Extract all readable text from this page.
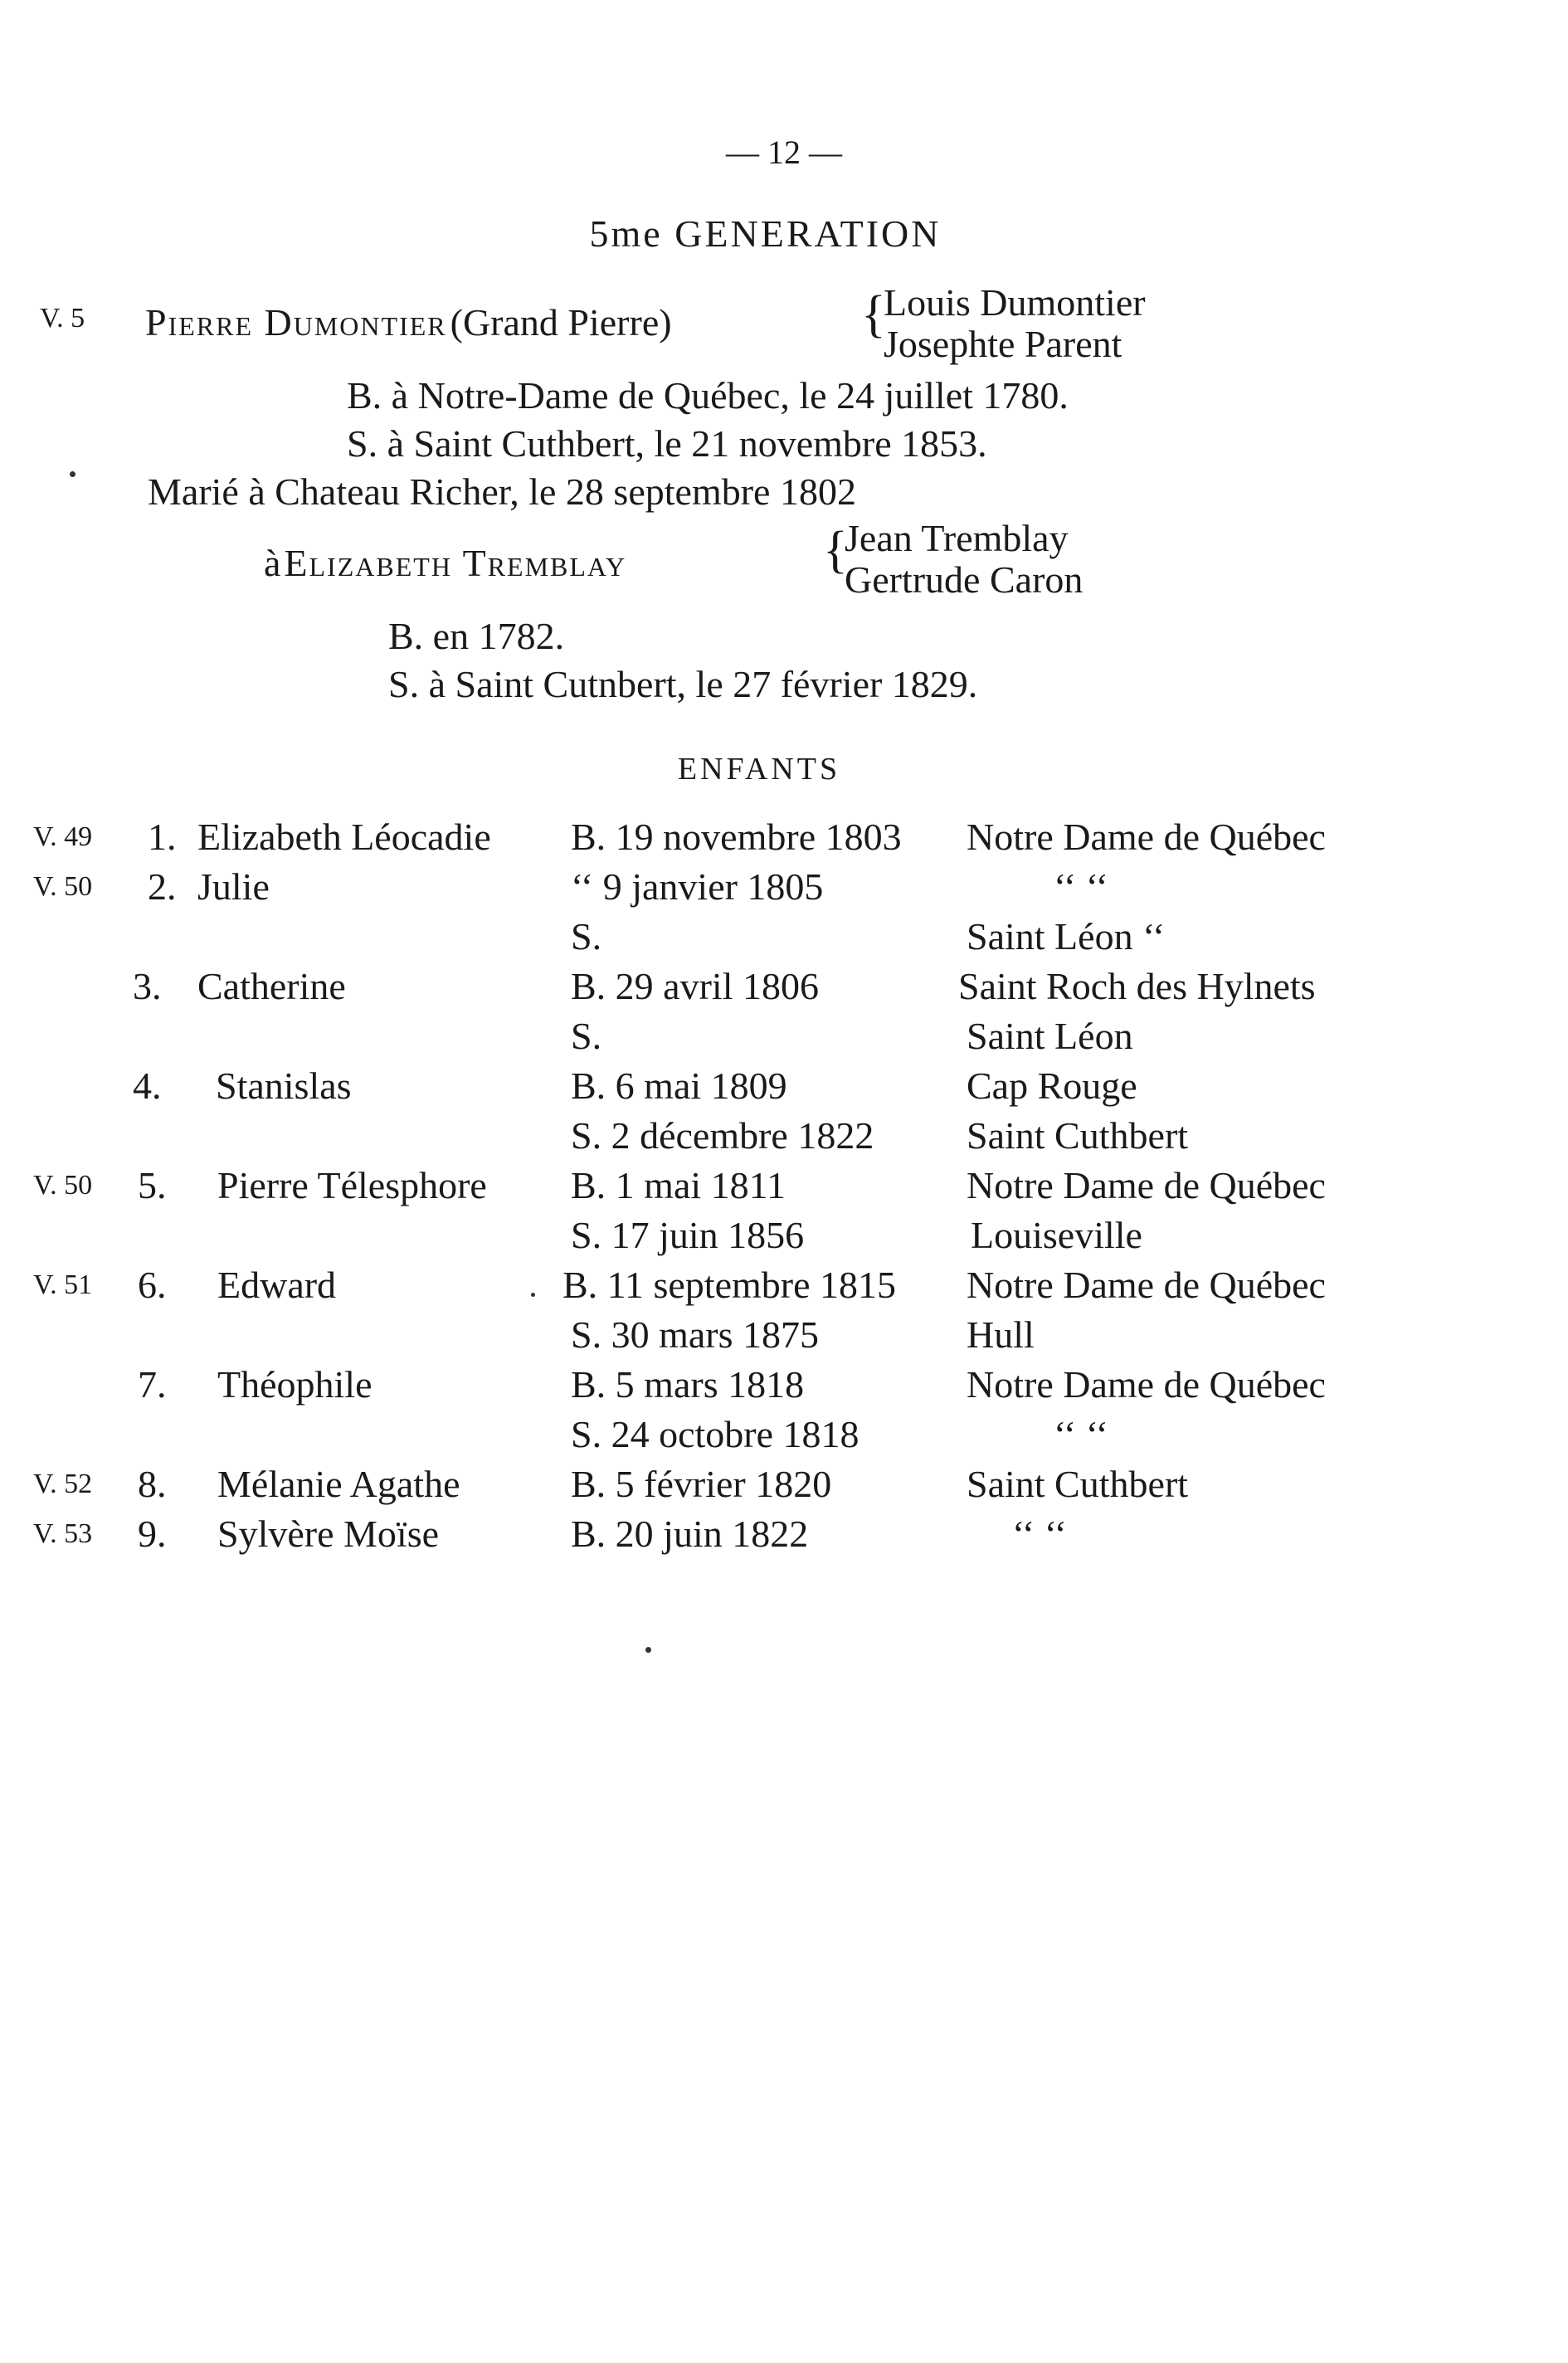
— 12 —
5me GENERATION
V. 5 Pierre Dumontier (Grand Pierre)	{
Louis Dumontier
Josephte Parent
B. à Notre-Dame de Québec, le 24 juillet 1780.
S. à Saint Cuthbert, le 21 novembre 1853.
Marié à Chateau Richer, le 28 septembre 1802
à Elizabeth Tremblay	{
Jean Tremblay
Gertrude Caron
B. en 1782.
S. à Saint Cutnbert, le 27 février 1829.
ENFANTS
V. 49 1. Elizabeth Léocadie B. 19 novembre 1803 Notre Dame de Québec
V. 50 2. Julie	‘‘ 9 janvier 1805	‘‘ ‘‘
S.	Saint Léon ‘‘
3. Catherine	B. 29 avril 1806	Saint Roch des Hylnets
S.	Saint Léon
4. Stanislas	B. 6 mai 1809	Cap Rouge
S. 2 décembre 1822 Saint Cuthbert
V. 50 5. Pierre Télesphore B. 1 mai 1811	Notre Dame de Québec
S. 17 juin 1856	Louiseville
V. 51 6. Edward	B. 11 septembre 1815 Notre Dame de Québec
S. 30 mars 1875	Hull
7. Théophile	B. 5 mars 1818	Notre Dame de Québec
S. 24 octobre 1818	‘‘ ‘‘
V. 52 8. Mélanie Agathe	B. 5 février 1820	Saint Cuthbert
V. 53 9. Sylvère Moïse	B. 20 juin 1822	‘‘ ‘‘
